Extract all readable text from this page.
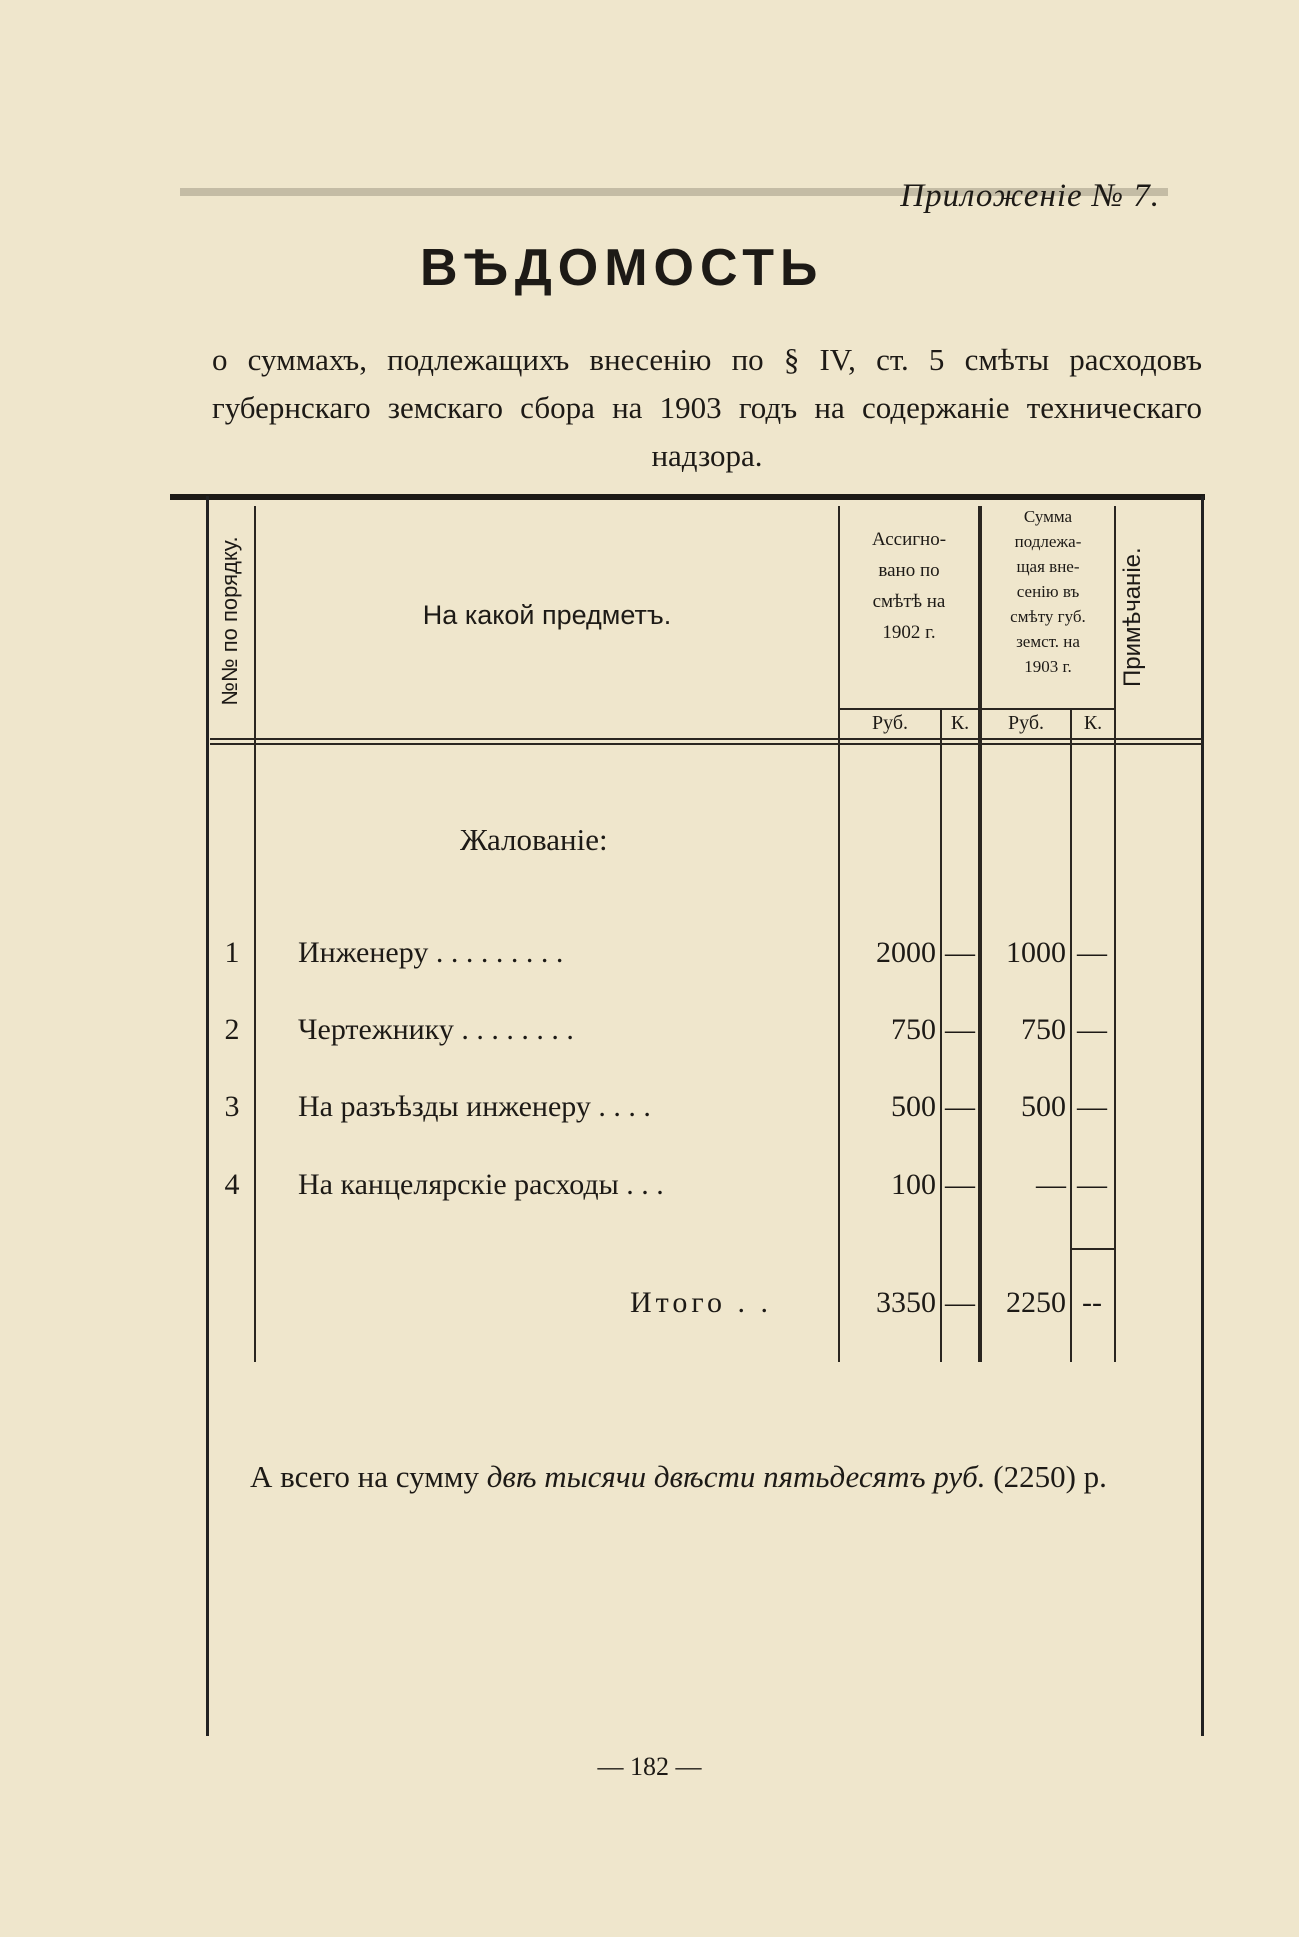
Приложеніе № 7.
ВѢДОМОСТЬ
о суммахъ, подлежащихъ внесенію по § IV, ст. 5 смѣты расходовъ губернскаго земскаго сбора на 1903 годъ на содержаніе техническаго надзора.
№№ по порядку.	На какой предметъ.
Ассигно-
вано по
смѣтѣ на
1902 г.
Сумма
подлежа-
щая вне-
сенію въ
смѣту губ.
земст. на
1903 г.	Примѣчаніе.
Руб.	К.	Руб.	К.
Жалованіе:
1	Инженеру . . . . . . . . .	2000 —	1000 —
2	Чертежнику . . . . . . . .	750 —	750 —
3	На разъѣзды инженеру . . . .	500 —	500 —
4	На канцелярскіе расходы . . .	100 —	— —
Итого . .	3350 —	2250 --
А всего на сумму двѣ тысячи двѣсти пятьдесятъ руб. (2250) р.
— 182 —
